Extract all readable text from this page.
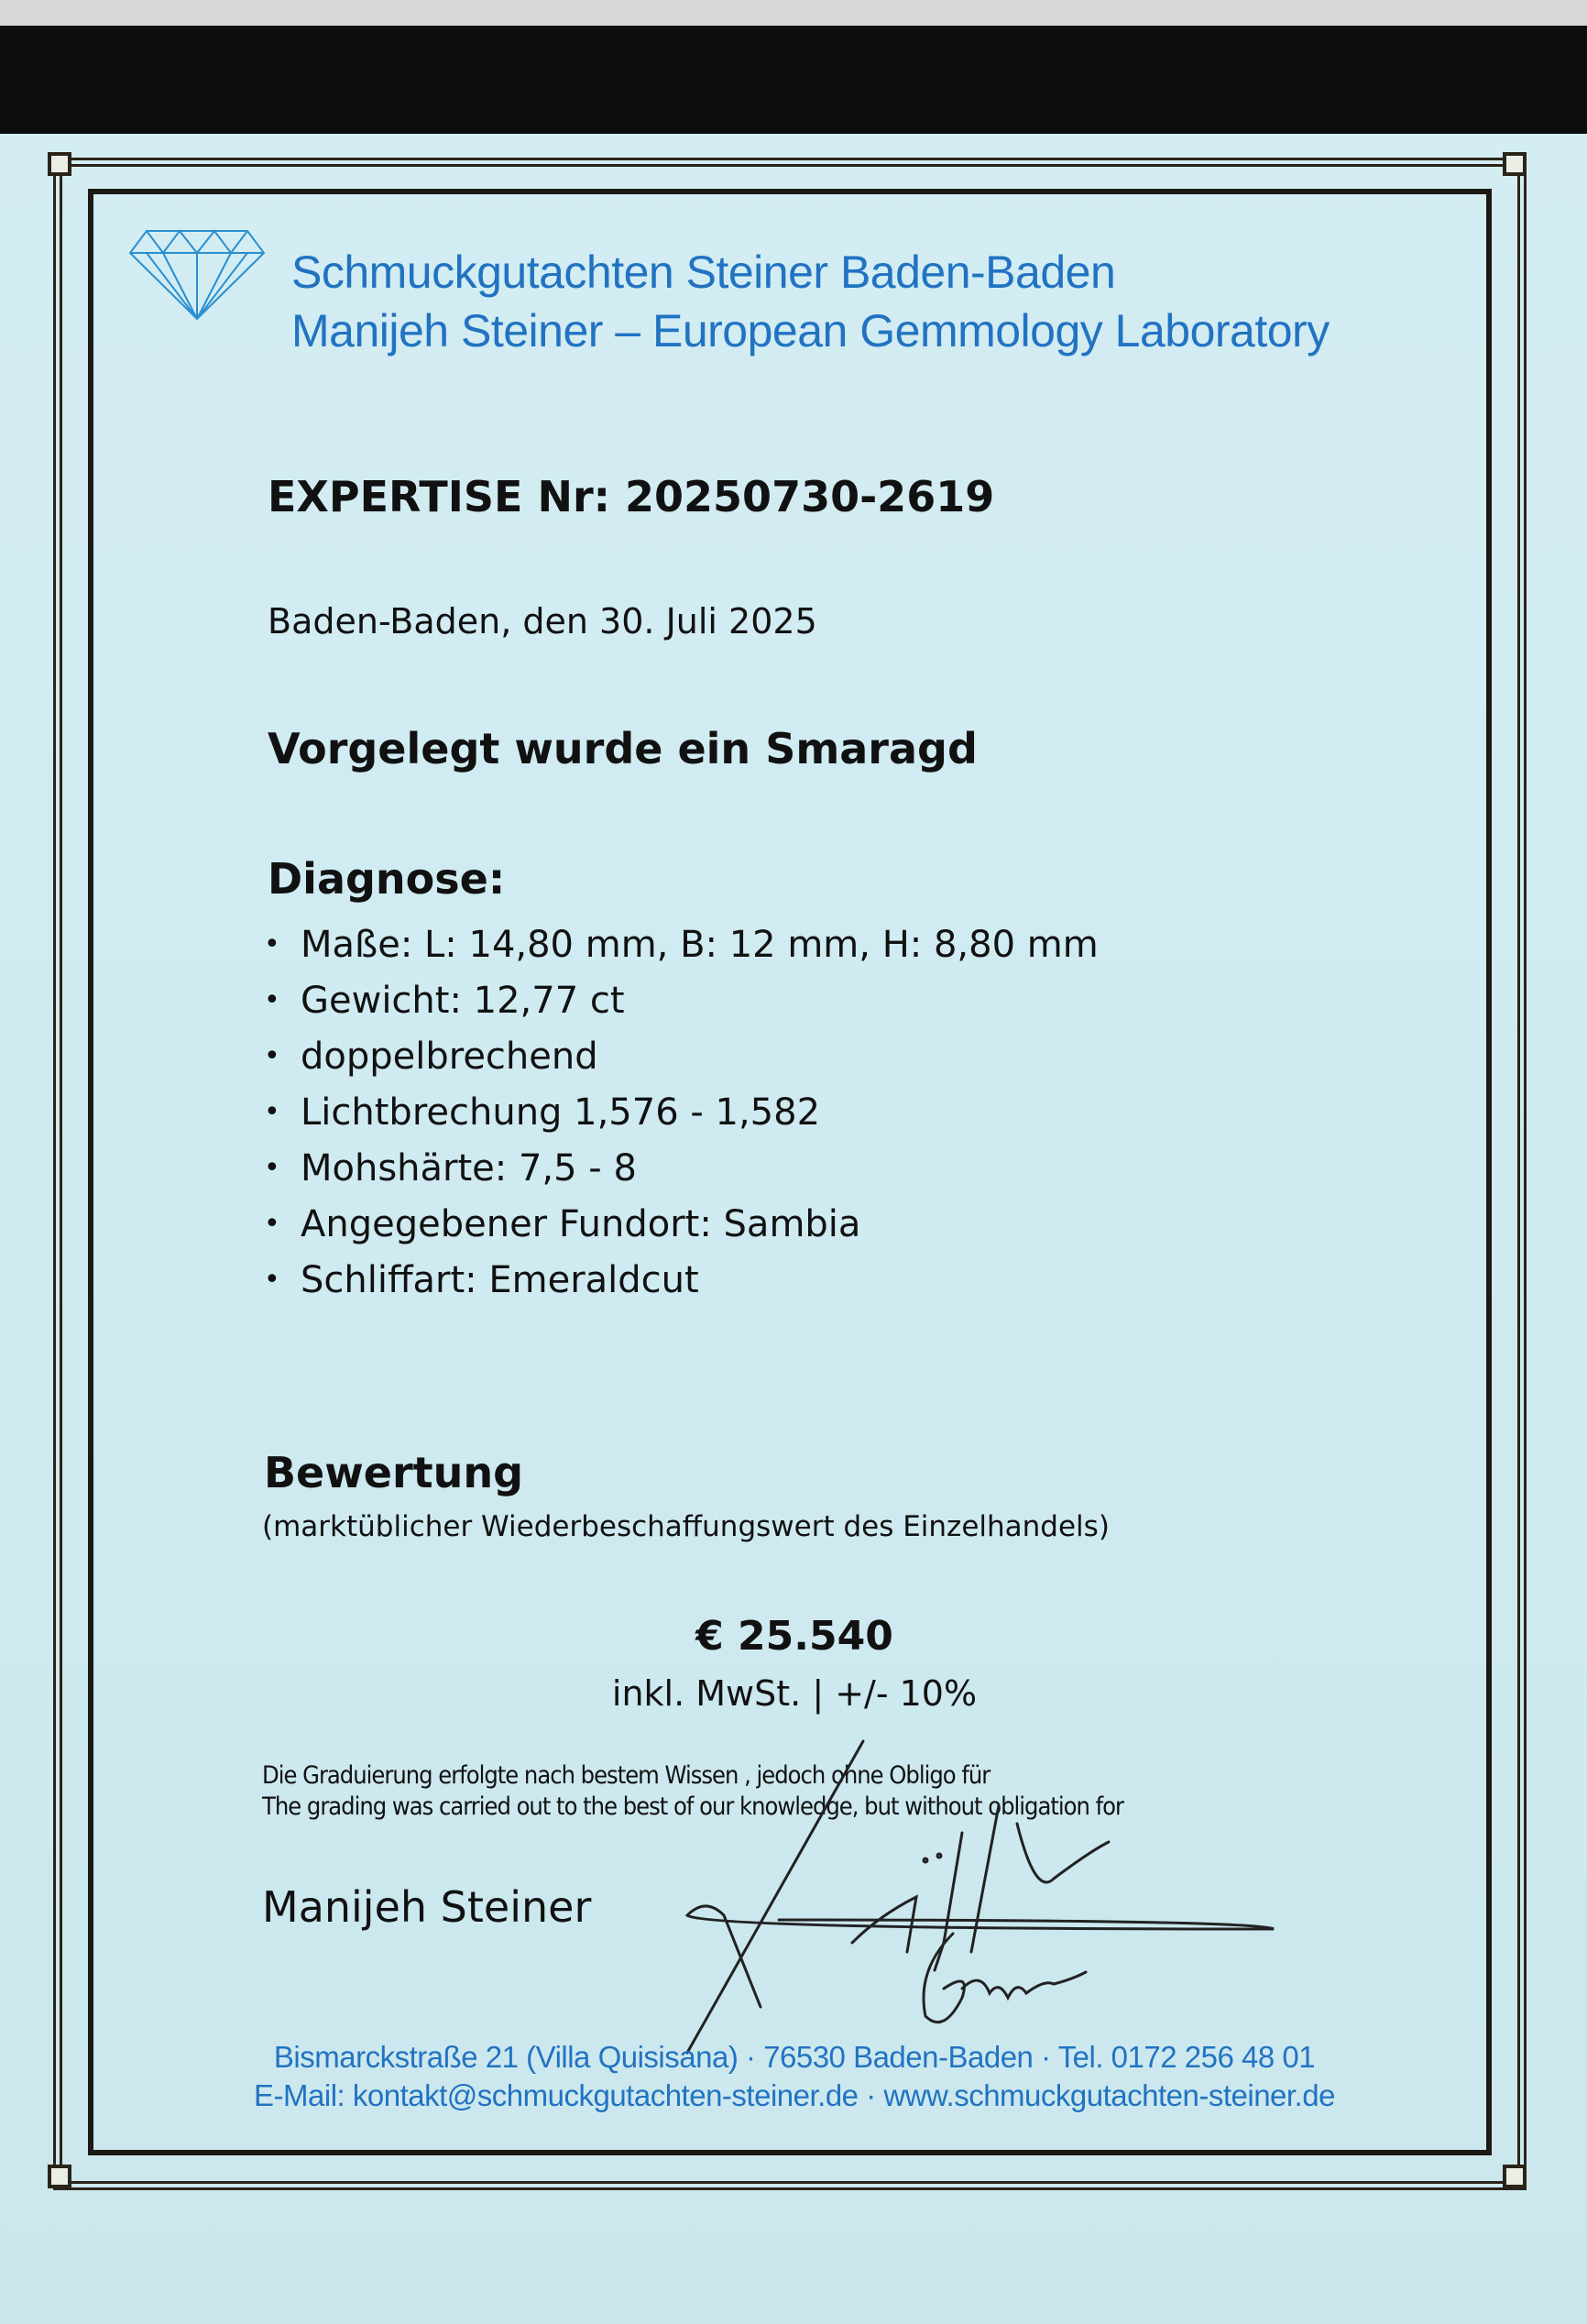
Schmuckgutachten Steiner Baden-Baden
Manijeh Steiner – European Gemmology Laboratory
EXPERTISE Nr: 20250730-2619
Baden-Baden, den 30. Juli 2025
Vorgelegt wurde ein Smaragd
Diagnose:
• Maße: L: 14,80 mm, B: 12 mm, H: 8,80 mm
• Gewicht: 12,77 ct
• doppelbrechend
• Lichtbrechung 1,576 - 1,582
• Mohshärte: 7,5 - 8
• Angegebener Fundort: Sambia
• Schliffart: Emeraldcut
Bewertung
(marktüblicher Wiederbeschaffungswert des Einzelhandels)
€ 25.540
inkl. MwSt. | +/- 10%
Die Graduierung erfolgte nach bestem Wissen , jedoch ohne Obligo für
The grading was carried out to the best of our knowledge, but without obligation for
Manijeh Steiner
Bismarckstraße 21 (Villa Quisisana) · 76530 Baden-Baden · Tel. 0172 256 48 01
E-Mail: kontakt@schmuckgutachten-steiner.de · www.schmuckgutachten-steiner.de
